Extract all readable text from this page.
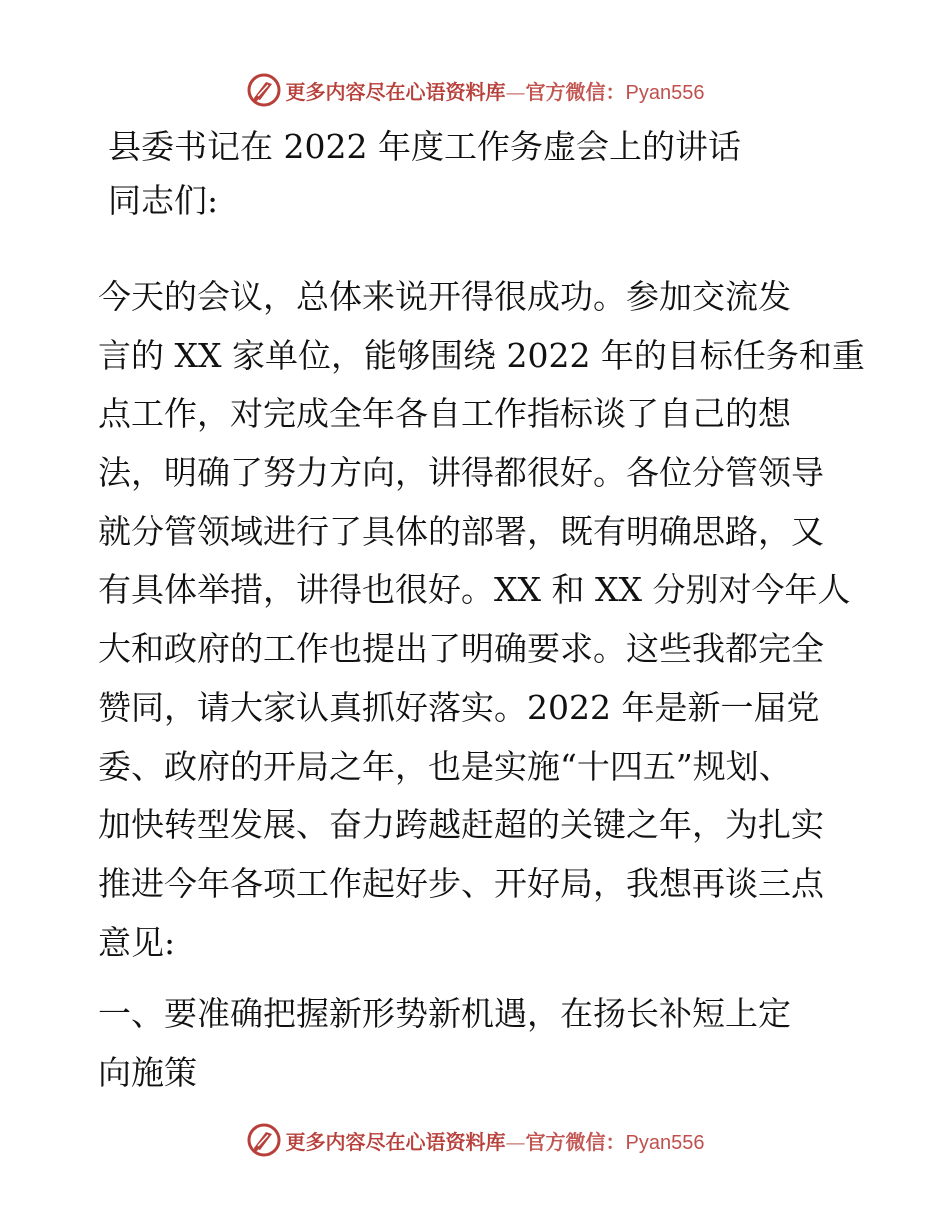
更多内容尽在心语资料库—官方微信：Pyan556
县委书记在 2022 年度工作务虚会上的讲话
同志们:
今天的会议，总体来说开得很成功。参加交流发
言的 XX 家单位，能够围绕 2022 年的目标任务和重
点工作，对完成全年各自工作指标谈了自己的想
法，明确了努力方向，讲得都很好。各位分管领导
就分管领域进行了具体的部署，既有明确思路，又
有具体举措，讲得也很好。XX 和 XX 分别对今年人
大和政府的工作也提出了明确要求。这些我都完全
赞同，请大家认真抓好落实。2022 年是新一届党
委、政府的开局之年，也是实施“十四五”规划、
加快转型发展、奋力跨越赶超的关键之年，为扎实
推进今年各项工作起好步、开好局，我想再谈三点
意见:
一、要准确把握新形势新机遇，在扬长补短上定
向施策
更多内容尽在心语资料库—官方微信：Pyan556
